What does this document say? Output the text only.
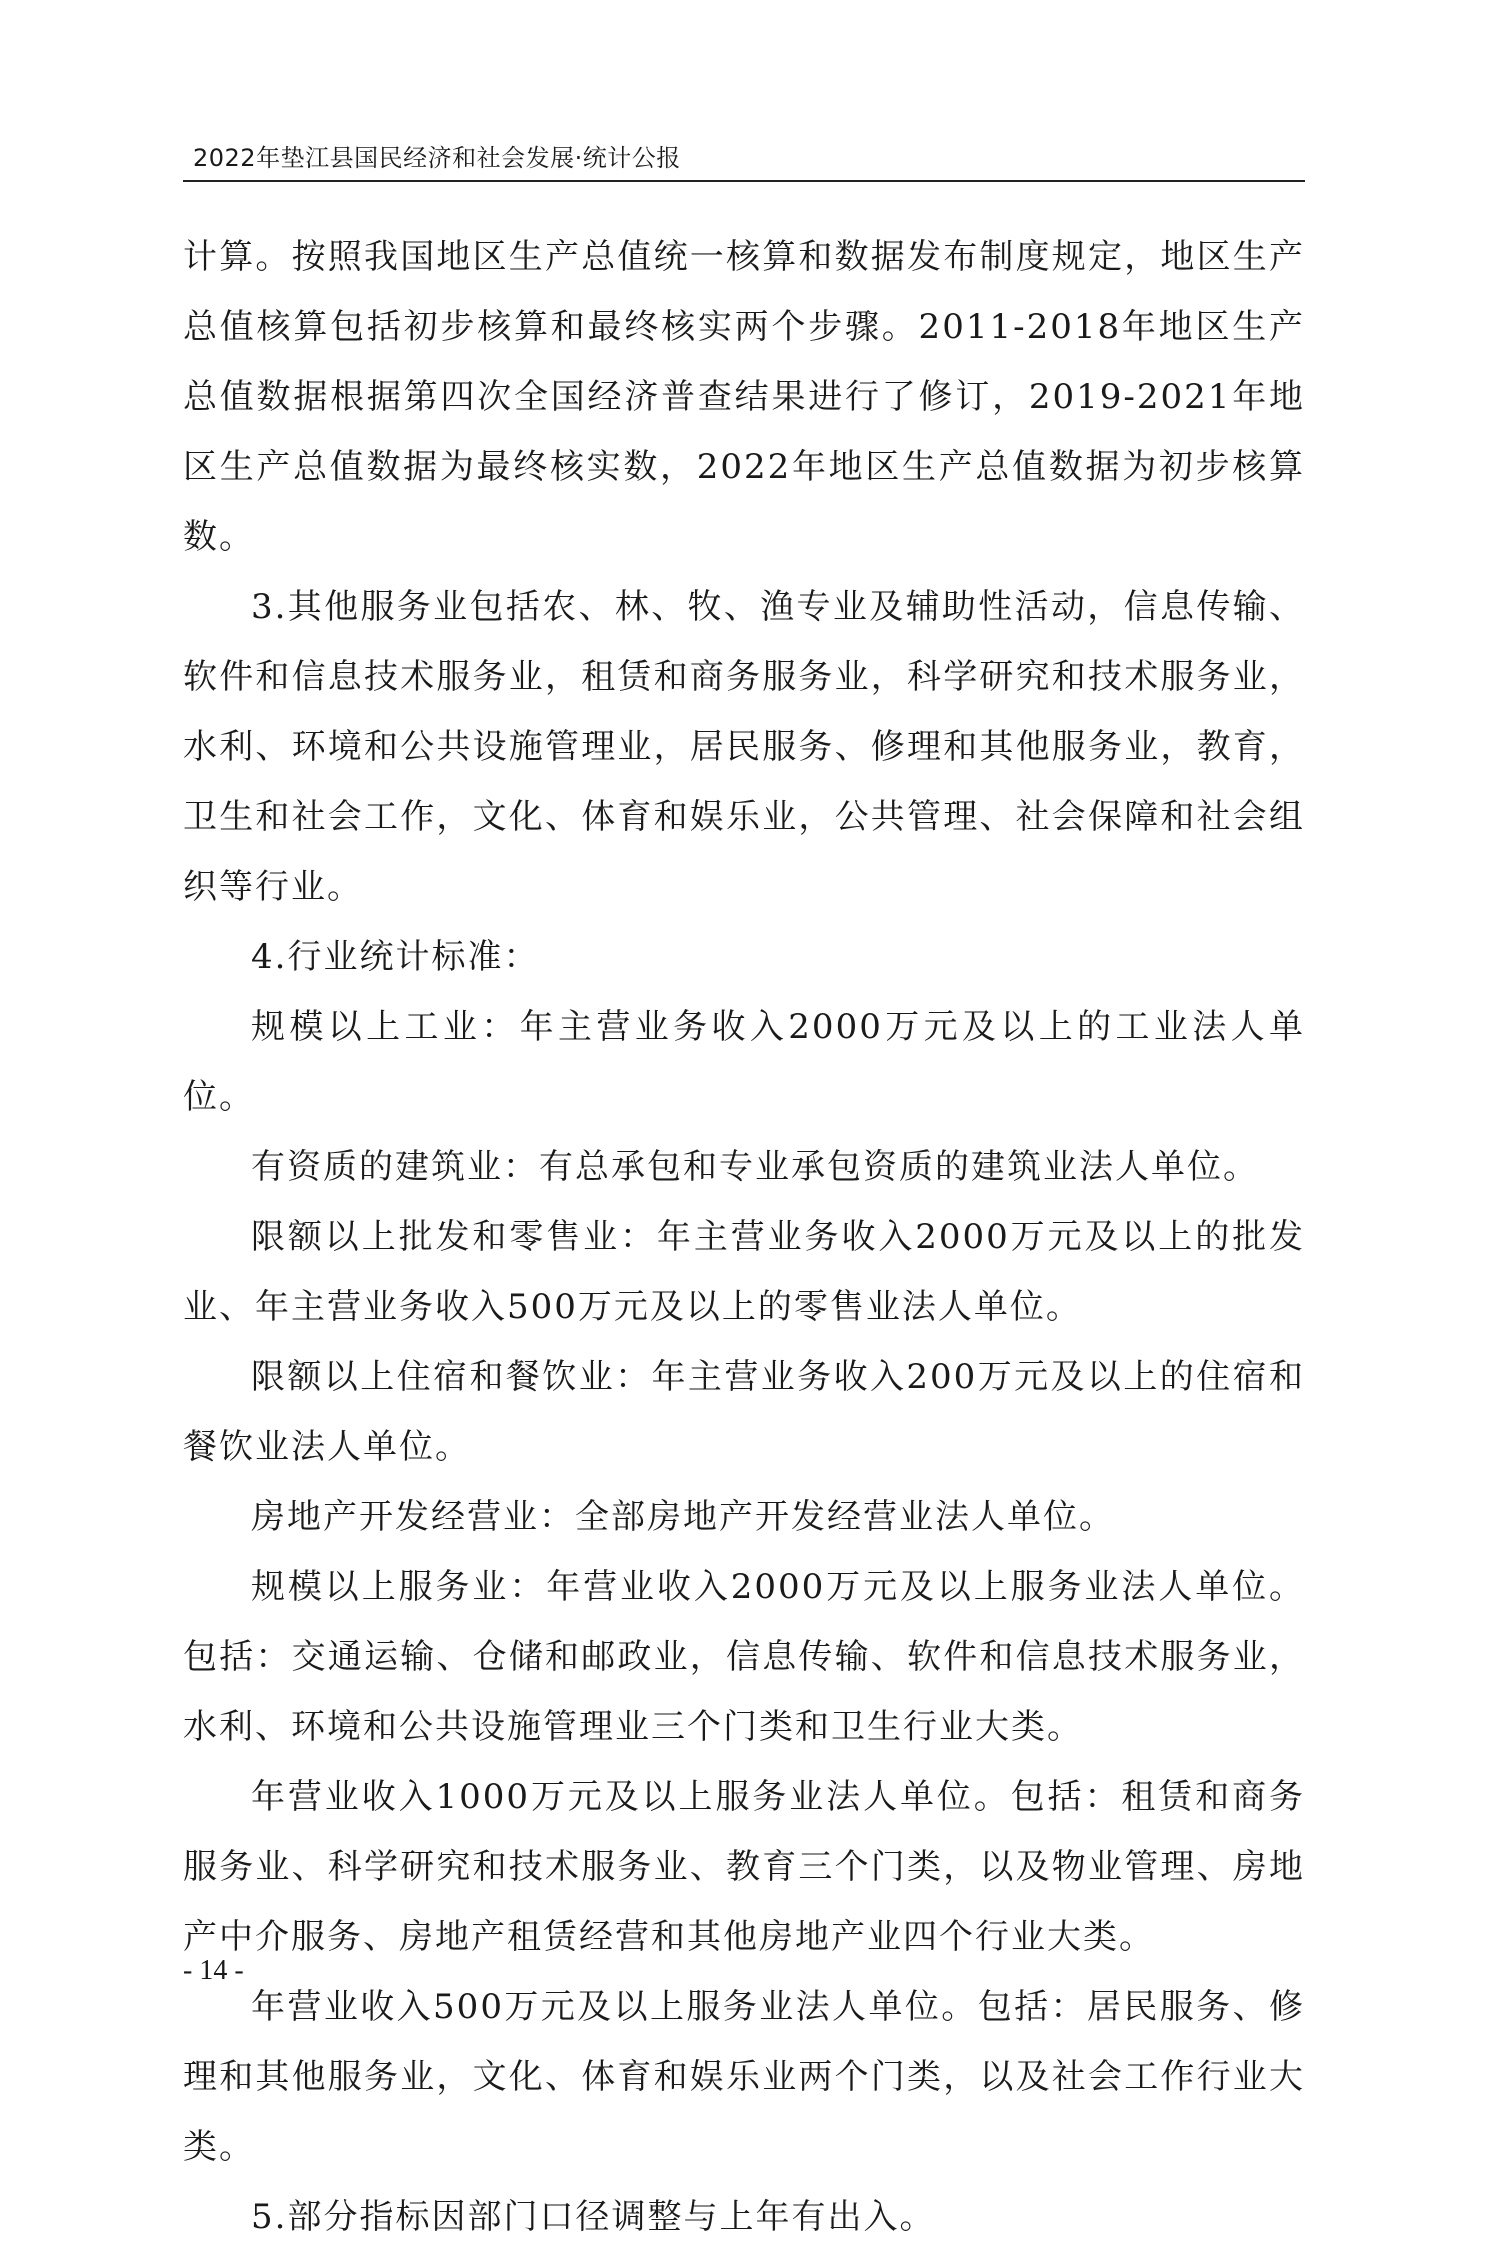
2022年垫江县国民经济和社会发展·统计公报

计算。按照我国地区生产总值统一核算和数据发布制度规定，地区生产总值核算包括初步核算和最终核实两个步骤。2011-2018年地区生产总值数据根据第四次全国经济普查结果进行了修订，2019-2021年地区生产总值数据为最终核实数，2022年地区生产总值数据为初步核算数。

3.其他服务业包括农、林、牧、渔专业及辅助性活动，信息传输、软件和信息技术服务业，租赁和商务服务业，科学研究和技术服务业，水利、环境和公共设施管理业，居民服务、修理和其他服务业，教育，卫生和社会工作，文化、体育和娱乐业，公共管理、社会保障和社会组织等行业。

4.行业统计标准：

规模以上工业：年主营业务收入2000万元及以上的工业法人单位。

有资质的建筑业：有总承包和专业承包资质的建筑业法人单位。

限额以上批发和零售业：年主营业务收入2000万元及以上的批发业、年主营业务收入500万元及以上的零售业法人单位。

限额以上住宿和餐饮业：年主营业务收入200万元及以上的住宿和餐饮业法人单位。

房地产开发经营业：全部房地产开发经营业法人单位。

规模以上服务业：年营业收入2000万元及以上服务业法人单位。包括：交通运输、仓储和邮政业，信息传输、软件和信息技术服务业，水利、环境和公共设施管理业三个门类和卫生行业大类。

年营业收入1000万元及以上服务业法人单位。包括：租赁和商务服务业、科学研究和技术服务业、教育三个门类，以及物业管理、房地产中介服务、房地产租赁经营和其他房地产业四个行业大类。

年营业收入500万元及以上服务业法人单位。包括：居民服务、修理和其他服务业，文化、体育和娱乐业两个门类，以及社会工作行业大类。

5.部分指标因部门口径调整与上年有出入。

- 14 -
